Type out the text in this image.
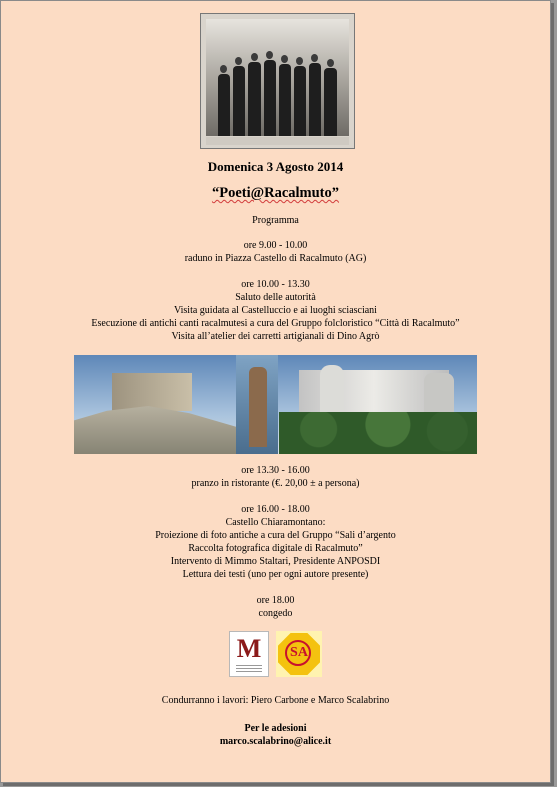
Domenica 3 Agosto 2014
“Poeti@Racalmuto”
Programma
ore 9.00 - 10.00
raduno in Piazza Castello di Racalmuto (AG)
ore 10.00 - 13.30
Saluto delle autorità
Visita guidata al Castelluccio e ai luoghi sciasciani
Esecuzione di antichi canti racalmutesi a cura del Gruppo folcloristico “Città di Racalmuto”
Visita all’atelier dei carretti artigianali di Dino Agrò
ore 13.30 - 16.00
pranzo in ristorante (€. 20,00 ± a persona)
ore 16.00 - 18.00
Castello Chiaramontano:
Proiezione di foto antiche a cura del Gruppo “Sali d’argento
Raccolta fotografica digitale di Racalmuto”
Intervento di Mimmo Staltari, Presidente ANPOSDI
Lettura dei testi (uno per ogni autore presente)
ore 18.00
congedo
M	SA
Condurranno i lavori: Piero Carbone e Marco Scalabrino
Per le adesioni
marco.scalabrino@alice.it
